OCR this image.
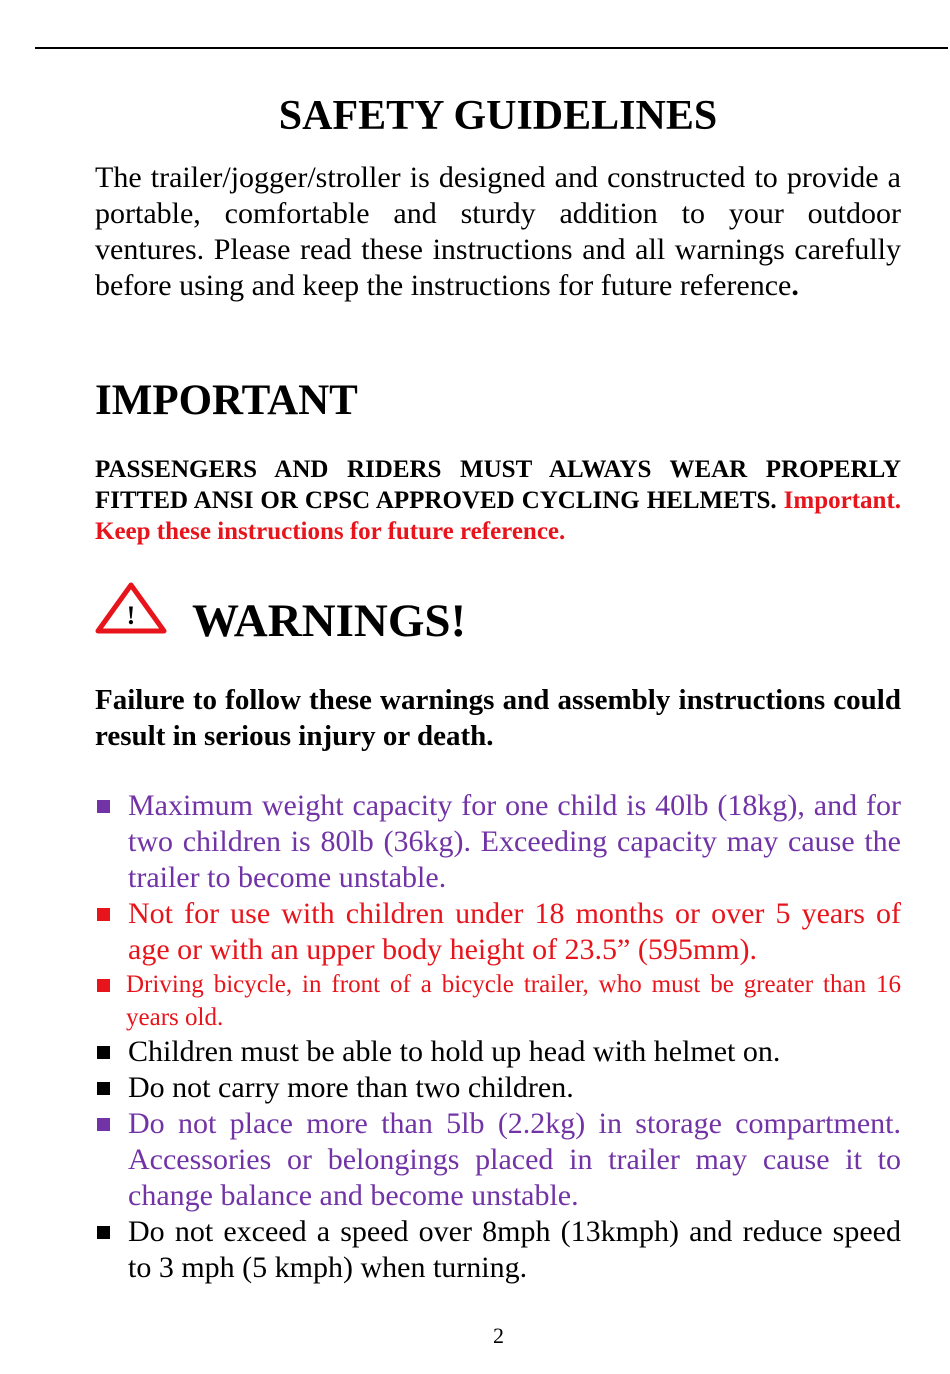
SAFETY GUIDELINES
The trailer/jogger/stroller is designed and constructed to provide a portable, comfortable and sturdy addition to your outdoor ventures. Please read these instructions and all warnings carefully before using and keep the instructions for future reference.
IMPORTANT
PASSENGERS AND RIDERS MUST ALWAYS WEAR PROPERLY FITTED ANSI OR CPSC APPROVED CYCLING HELMETS. Important. Keep these instructions for future reference.
! WARNINGS!
Failure to follow these warnings and assembly instructions could result in serious injury or death.
Maximum weight capacity for one child is 40lb (18kg), and for two children is 80lb (36kg). Exceeding capacity may cause the trailer to become unstable.
Not for use with children under 18 months or over 5 years of age or with an upper body height of 23.5” (595mm).
Driving bicycle, in front of a bicycle trailer, who must be greater than 16 years old.
Children must be able to hold up head with helmet on.
Do not carry more than two children.
Do not place more than 5lb (2.2kg) in storage compartment. Accessories or belongings placed in trailer may cause it to change balance and become unstable.
Do not exceed a speed over 8mph (13kmph) and reduce speed to 3 mph (5 kmph) when turning.
2
